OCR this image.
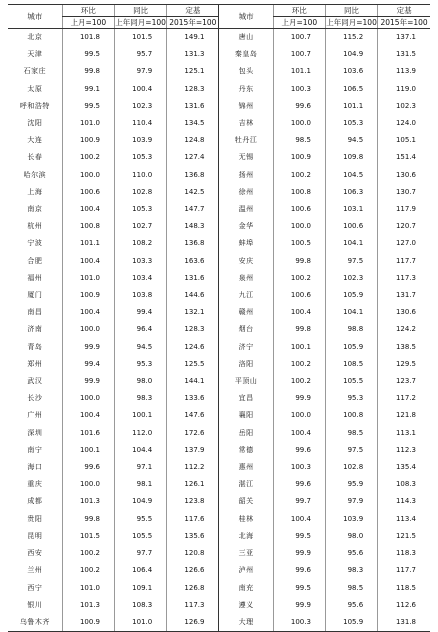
城市	环比	同比	定基	城市	环比	同比	定基
	上月=100	上年同月=100	2015年=100		上月=100	上年同月=100	2015年=100
北京	101.8	101.5	149.1	唐山	100.7	115.2	137.1
天津	99.5	95.7	131.3	秦皇岛	100.7	104.9	131.5
石家庄	99.8	97.9	125.1	包头	101.1	103.6	113.9
太原	99.1	100.4	128.3	丹东	100.3	106.5	119.0
呼和浩特	99.5	102.3	131.6	锦州	99.6	101.1	102.3
沈阳	101.0	110.4	134.5	吉林	100.0	105.3	124.0
大连	100.9	103.9	124.8	牡丹江	98.5	94.5	105.1
长春	100.2	105.3	127.4	无锡	100.9	109.8	151.4
哈尔滨	100.0	110.0	136.8	扬州	100.2	104.5	130.6
上海	100.6	102.8	142.5	徐州	100.8	106.3	130.7
南京	100.4	105.3	147.7	温州	100.6	103.1	117.9
杭州	100.8	102.7	148.3	金华	100.0	100.6	120.7
宁波	101.1	108.2	136.8	蚌埠	100.5	104.1	127.0
合肥	100.4	103.3	163.6	安庆	99.8	97.5	117.7
福州	101.0	103.4	131.6	泉州	100.2	102.3	117.3
厦门	100.9	103.8	144.6	九江	100.6	105.9	131.7
南昌	100.4	99.4	132.1	赣州	100.4	104.1	130.6
济南	100.0	96.4	128.3	烟台	99.8	98.8	124.2
青岛	99.9	94.5	124.6	济宁	100.1	105.9	138.5
郑州	99.4	95.3	125.5	洛阳	100.2	108.5	129.5
武汉	99.9	98.0	144.1	平顶山	100.2	105.5	123.7
长沙	100.0	98.3	133.6	宜昌	99.9	95.3	117.2
广州	100.4	100.1	147.6	襄阳	100.0	100.8	121.8
深圳	101.6	112.0	172.6	岳阳	100.4	98.5	113.1
南宁	100.1	104.4	137.9	常德	99.6	97.5	112.3
海口	99.6	97.1	112.2	惠州	100.3	102.8	135.4
重庆	100.0	98.1	126.1	湛江	99.6	95.9	108.3
成都	101.3	104.9	123.8	韶关	99.7	97.9	114.3
贵阳	99.8	95.5	117.6	桂林	100.4	103.9	113.4
昆明	101.5	105.5	135.6	北海	99.5	98.0	121.5
西安	100.2	97.7	120.8	三亚	99.9	95.6	118.3
兰州	100.2	106.4	126.6	泸州	99.6	98.3	117.7
西宁	101.0	109.1	126.8	南充	99.5	98.5	118.5
银川	101.3	108.3	117.3	遵义	99.9	95.6	112.6
乌鲁木齐	100.9	101.0	126.9	大理	100.3	105.9	131.8
